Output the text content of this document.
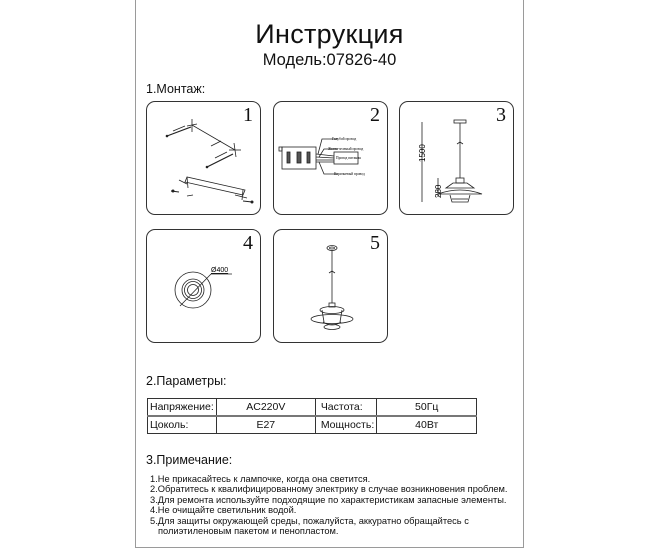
Инструкция
Модель:07826-40
1.Монтаж:
1	2
Голубой провод
Желто-зеленый провод
Провод питания
Коричневый провод
3
1500
280
4
Ø400
5
2.Параметры:
Напряжение:	AC220V	Частота:	50Гц
Цоколь:	E27	Мощность:	40Вт
3.Примечание:
1.Не прикасайтесь к лампочке, когда она светится.
2.Обратитесь к квалифицированному электрику в случае возникновения проблем.
3.Для ремонта используйте подходящие по характеристикам запасные элементы.
4.Не очищайте светильник водой.
5.Для защиты окружающей среды, пожалуйста, аккуратно обращайтесь с
полиэтиленовым пакетом и пенопластом.
